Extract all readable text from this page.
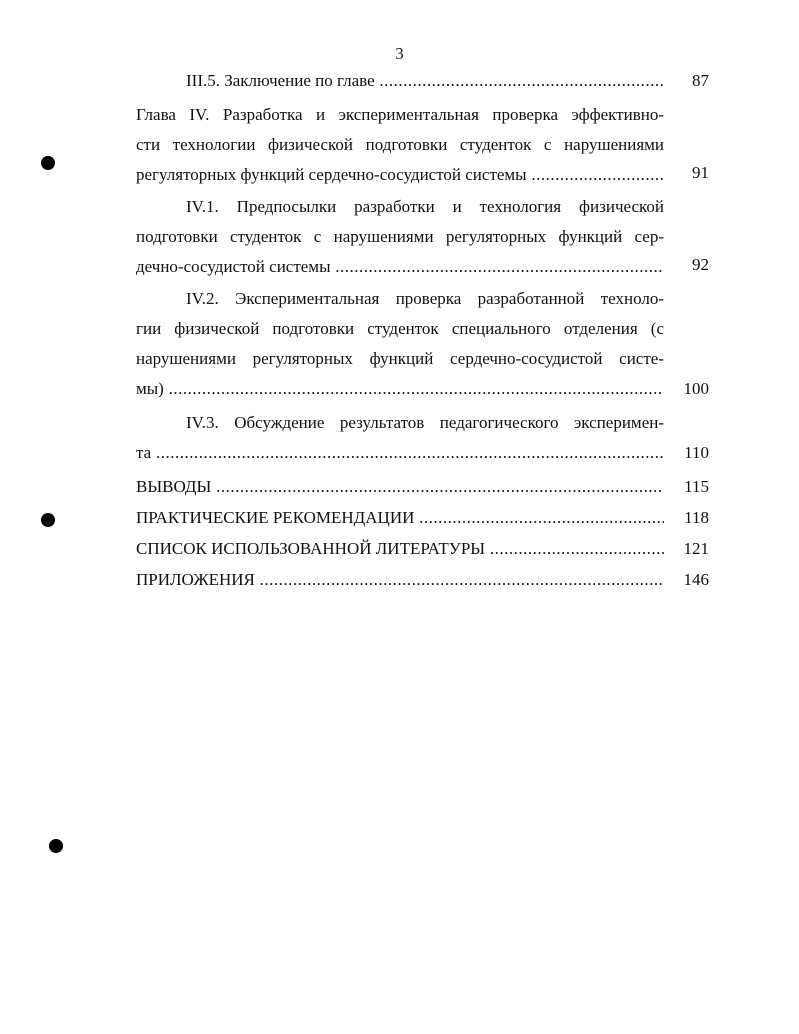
3
III.5. Заключение по главе .....	87
Глава IV. Разработка и экспериментальная проверка эффективно-
сти технологии физической подготовки студенток с нарушениями
регуляторных функций сердечно-сосудистой системы .....	91
IV.1. Предпосылки разработки и технология физической
подготовки студенток с нарушениями регуляторных функций сер-
дечно-сосудистой системы .....	92
IV.2. Экспериментальная проверка разработанной техноло-
гии физической подготовки студенток специального отделения (с
нарушениями регуляторных функций сердечно-сосудистой систе-
мы) .....	100
IV.3. Обсуждение результатов педагогического эксперимен-
та .....	110
ВЫВОДЫ .....	115
ПРАКТИЧЕСКИЕ РЕКОМЕНДАЦИИ .....	118
СПИСОК ИСПОЛЬЗОВАННОЙ ЛИТЕРАТУРЫ .....	121
ПРИЛОЖЕНИЯ .....	146
